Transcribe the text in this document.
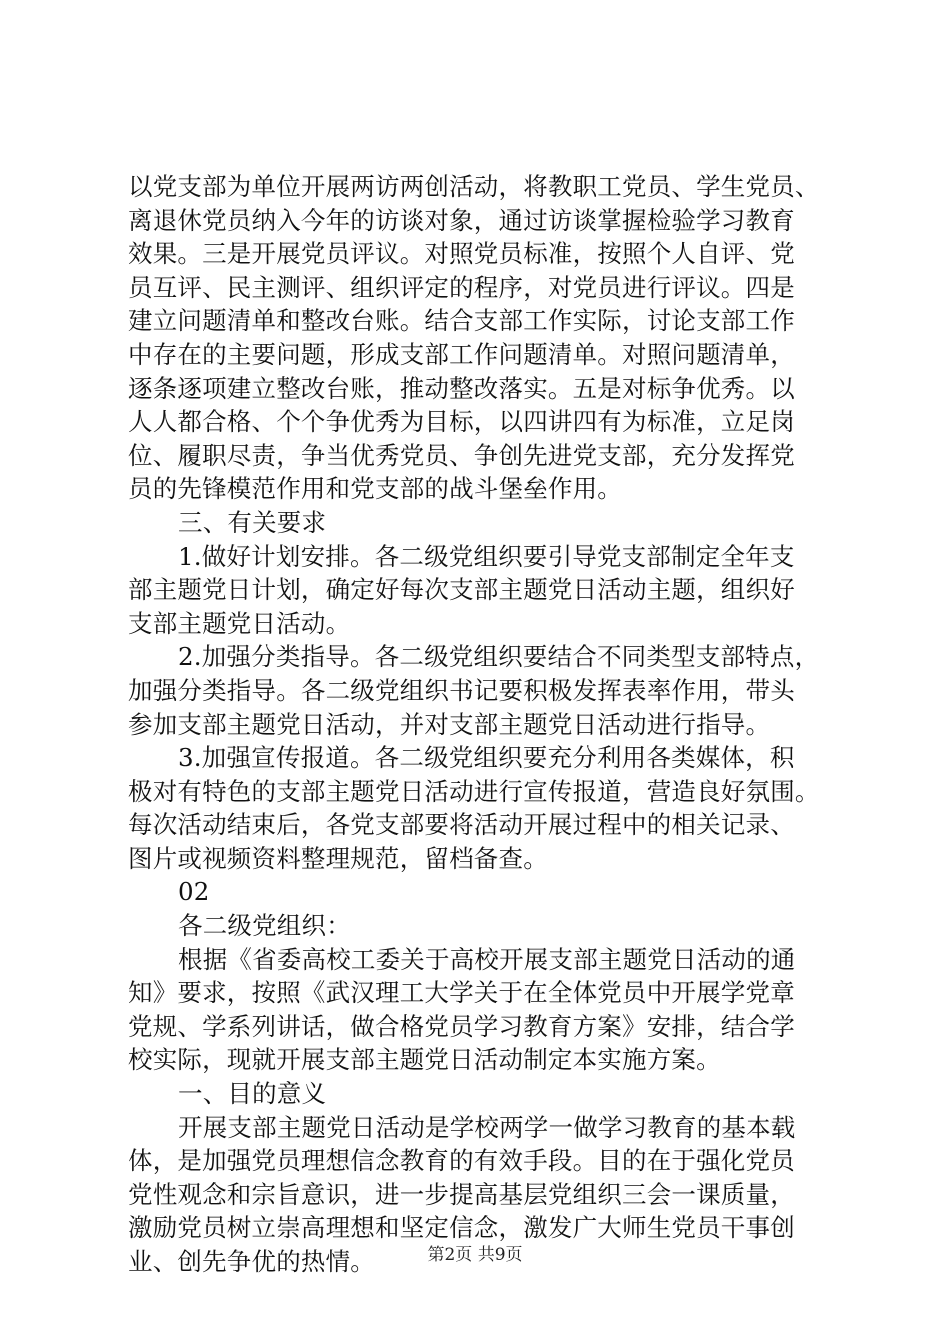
以党支部为单位开展两访两创活动，将教职工党员、学生党员、
离退休党员纳入今年的访谈对象，通过访谈掌握检验学习教育
效果。三是开展党员评议。对照党员标准，按照个人自评、党
员互评、民主测评、组织评定的程序，对党员进行评议。四是
建立问题清单和整改台账。结合支部工作实际，讨论支部工作
中存在的主要问题，形成支部工作问题清单。对照问题清单，
逐条逐项建立整改台账，推动整改落实。五是对标争优秀。以
人人都合格、个个争优秀为目标，以四讲四有为标准，立足岗
位、履职尽责，争当优秀党员、争创先进党支部，充分发挥党
员的先锋模范作用和党支部的战斗堡垒作用。
三、有关要求
1.做好计划安排。各二级党组织要引导党支部制定全年支
部主题党日计划，确定好每次支部主题党日活动主题，组织好
支部主题党日活动。
2.加强分类指导。各二级党组织要结合不同类型支部特点，
加强分类指导。各二级党组织书记要积极发挥表率作用，带头
参加支部主题党日活动，并对支部主题党日活动进行指导。
3.加强宣传报道。各二级党组织要充分利用各类媒体，积
极对有特色的支部主题党日活动进行宣传报道，营造良好氛围。
每次活动结束后，各党支部要将活动开展过程中的相关记录、
图片或视频资料整理规范，留档备查。
02
各二级党组织：
根据《省委高校工委关于高校开展支部主题党日活动的通
知》要求，按照《武汉理工大学关于在全体党员中开展学党章
党规、学系列讲话，做合格党员学习教育方案》安排，结合学
校实际，现就开展支部主题党日活动制定本实施方案。
一、目的意义
开展支部主题党日活动是学校两学一做学习教育的基本载
体，是加强党员理想信念教育的有效手段。目的在于强化党员
党性观念和宗旨意识，进一步提高基层党组织三会一课质量，
激励党员树立崇高理想和坚定信念，激发广大师生党员干事创
业、创先争优的热情。	第2页 共9页
